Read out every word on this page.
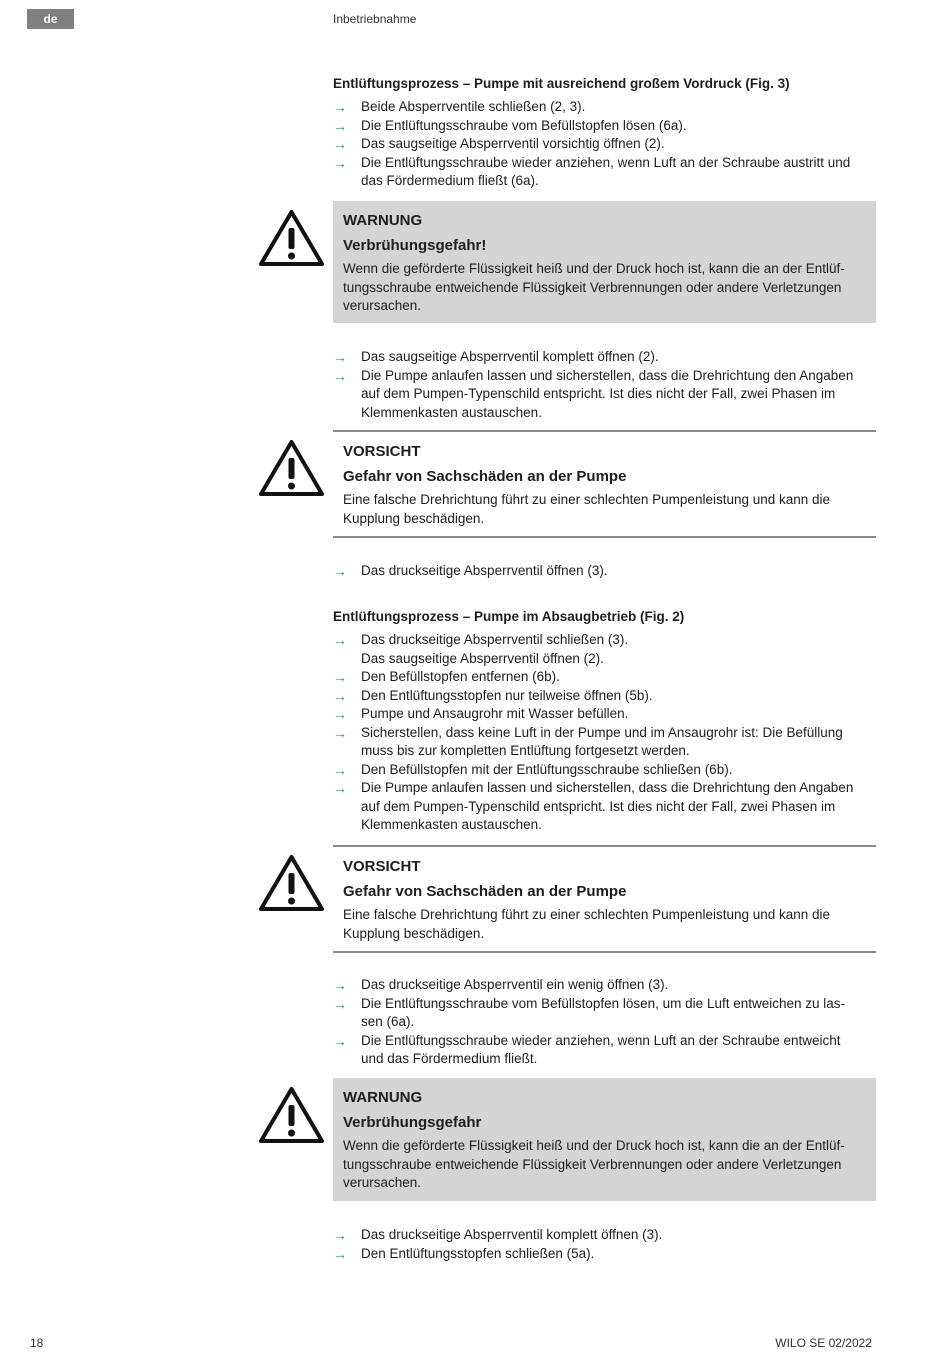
de	Inbetriebnahme

Entlüftungsprozess – Pumpe mit ausreichend großem Vordruck (Fig. 3)

→ Beide Absperrventile schließen (2, 3).
→ Die Entlüftungsschraube vom Befüllstopfen lösen (6a).
→ Das saugseitige Absperrventil vorsichtig öffnen (2).
→ Die Entlüftungsschraube wieder anziehen, wenn Luft an der Schraube austritt und
das Fördermedium fließt (6a).
WARNUNG
Verbrühungsgefahr!
Wenn die geförderte Flüssigkeit heiß und der Druck hoch ist, kann die an der Entlüf-
tungsschraube entweichende Flüssigkeit Verbrennungen oder andere Verletzungen
verursachen.
→ Das saugseitige Absperrventil komplett öffnen (2).
→ Die Pumpe anlaufen lassen und sicherstellen, dass die Drehrichtung den Angaben
auf dem Pumpen-Typenschild entspricht. Ist dies nicht der Fall, zwei Phasen im
Klemmenkasten austauschen.
VORSICHT
Gefahr von Sachschäden an der Pumpe
Eine falsche Drehrichtung führt zu einer schlechten Pumpenleistung und kann die
Kupplung beschädigen.
→ Das druckseitige Absperrventil öffnen (3).

Entlüftungsprozess – Pumpe im Absaugbetrieb (Fig. 2)

→ Das druckseitige Absperrventil schließen (3).
Das saugseitige Absperrventil öffnen (2).
→ Den Befüllstopfen entfernen (6b).
→ Den Entlüftungsstopfen nur teilweise öffnen (5b).
→ Pumpe und Ansaugrohr mit Wasser befüllen.
→ Sicherstellen, dass keine Luft in der Pumpe und im Ansaugrohr ist: Die Befüllung
muss bis zur kompletten Entlüftung fortgesetzt werden.
→ Den Befüllstopfen mit der Entlüftungsschraube schließen (6b).
→ Die Pumpe anlaufen lassen und sicherstellen, dass die Drehrichtung den Angaben
auf dem Pumpen-Typenschild entspricht. Ist dies nicht der Fall, zwei Phasen im
Klemmenkasten austauschen.
VORSICHT
Gefahr von Sachschäden an der Pumpe
Eine falsche Drehrichtung führt zu einer schlechten Pumpenleistung und kann die
Kupplung beschädigen.
→ Das druckseitige Absperrventil ein wenig öffnen (3).
→ Die Entlüftungsschraube vom Befüllstopfen lösen, um die Luft entweichen zu las-
sen (6a).
→ Die Entlüftungsschraube wieder anziehen, wenn Luft an der Schraube entweicht
und das Fördermedium fließt.
WARNUNG
Verbrühungsgefahr
Wenn die geförderte Flüssigkeit heiß und der Druck hoch ist, kann die an der Entlüf-
tungsschraube entweichende Flüssigkeit Verbrennungen oder andere Verletzungen
verursachen.
→ Das druckseitige Absperrventil komplett öffnen (3).
→ Den Entlüftungsstopfen schließen (5a).
18	WILO SE 02/2022
